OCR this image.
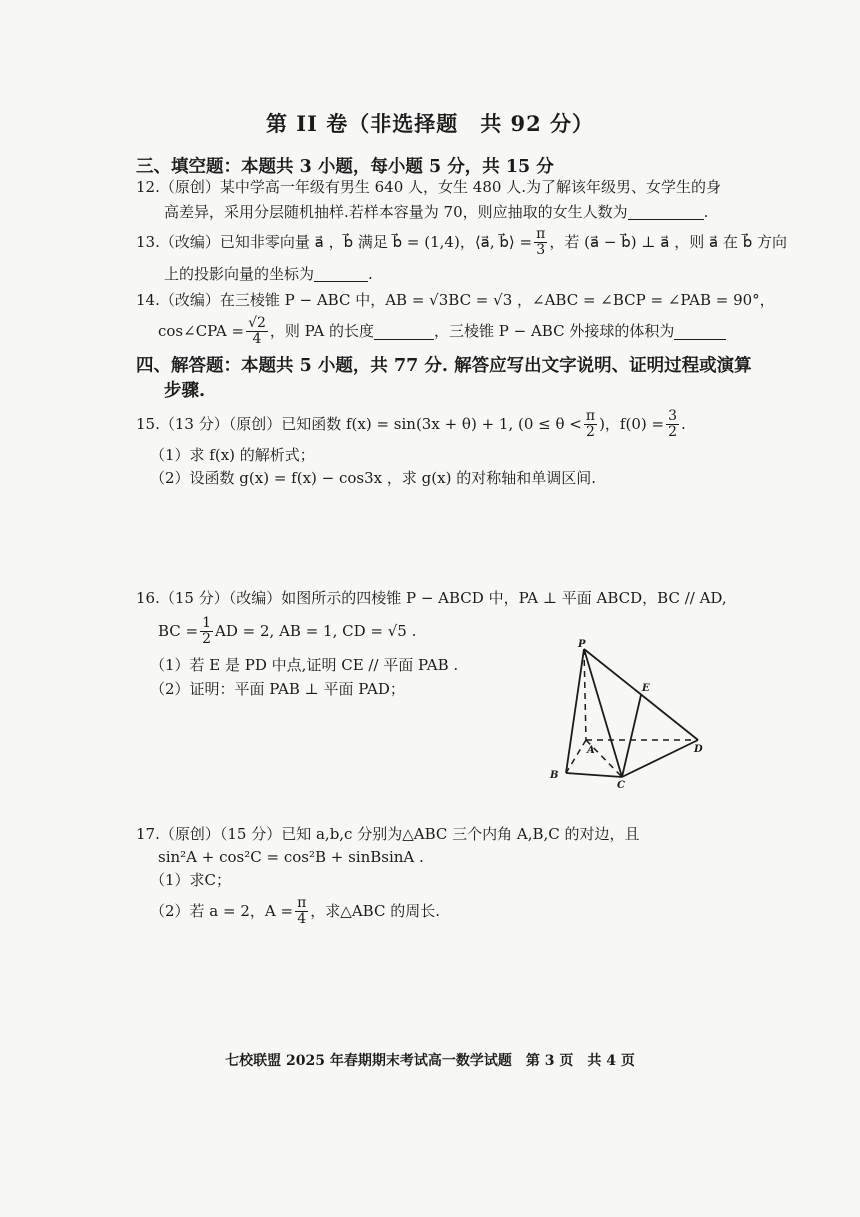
第 II 卷（非选择题　共 92 分）
三、填空题：本题共 3 小题，每小题 5 分，共 15 分
12.（原创）某中学高一年级有男生 640 人，女生 480 人.为了解该年级男、女学生的身
高差异，采用分层随机抽样.若样本容量为 70，则应抽取的女生人数为	.
13.（改编）已知非零向量 a⃗ ，b⃗ 满足 b⃗ = (1,4)，⟨a⃗, b⃗⟩ = $\frac{\pi}{3}$ ，若 (a⃗ − b⃗) ⊥ a⃗ ，则 a⃗ 在 b⃗ 方向
上的投影向量的坐标为	.
14.（改编）在三棱锥 P − ABC 中，AB = √3BC = √3 ，∠ABC = ∠BCP = ∠PAB = 90°，
cos∠CPA = $\frac{√2}{4}$ ，则 PA 的长度	，三棱锥 P − ABC 外接球的体积为
四、解答题：本题共 5 小题，共 77 分. 解答应写出文字说明、证明过程或演算
步骤.
15.（13 分）（原创）已知函数 f(x) = sin(3x + θ) + 1, ($0 \le \theta < \frac{\pi}{2}$ )，$f(0) = \frac{3}{2}$ .
（1）求 f(x) 的解析式；
（2）设函数 g(x) = f(x) − cos3x ，求 g(x) 的对称轴和单调区间.
16.（15 分）（改编）如图所示的四棱锥 P − ABCD 中，PA ⊥ 平面 ABCD，BC // AD,
BC = $\frac{1}{2}$ AD = 2, AB = 1, CD = √5 .
（1）若 E 是 PD 中点,证明 CE // 平面 PAB .
（2）证明：平面 PAB ⊥ 平面 PAD；
P
E
A	D
B
C
17.（原创）（15 分）已知 a,b,c 分别为△ABC 三个内角 A,B,C 的对边，且
sin²A + cos²C = cos²B + sinBsinA .
（1）求C；
（2）若 a = 2，$A = \frac{\pi}{4}$ ，求△ABC 的周长.
七校联盟 2025 年春期期末考试高一数学试题　第 3 页　共 4 页
